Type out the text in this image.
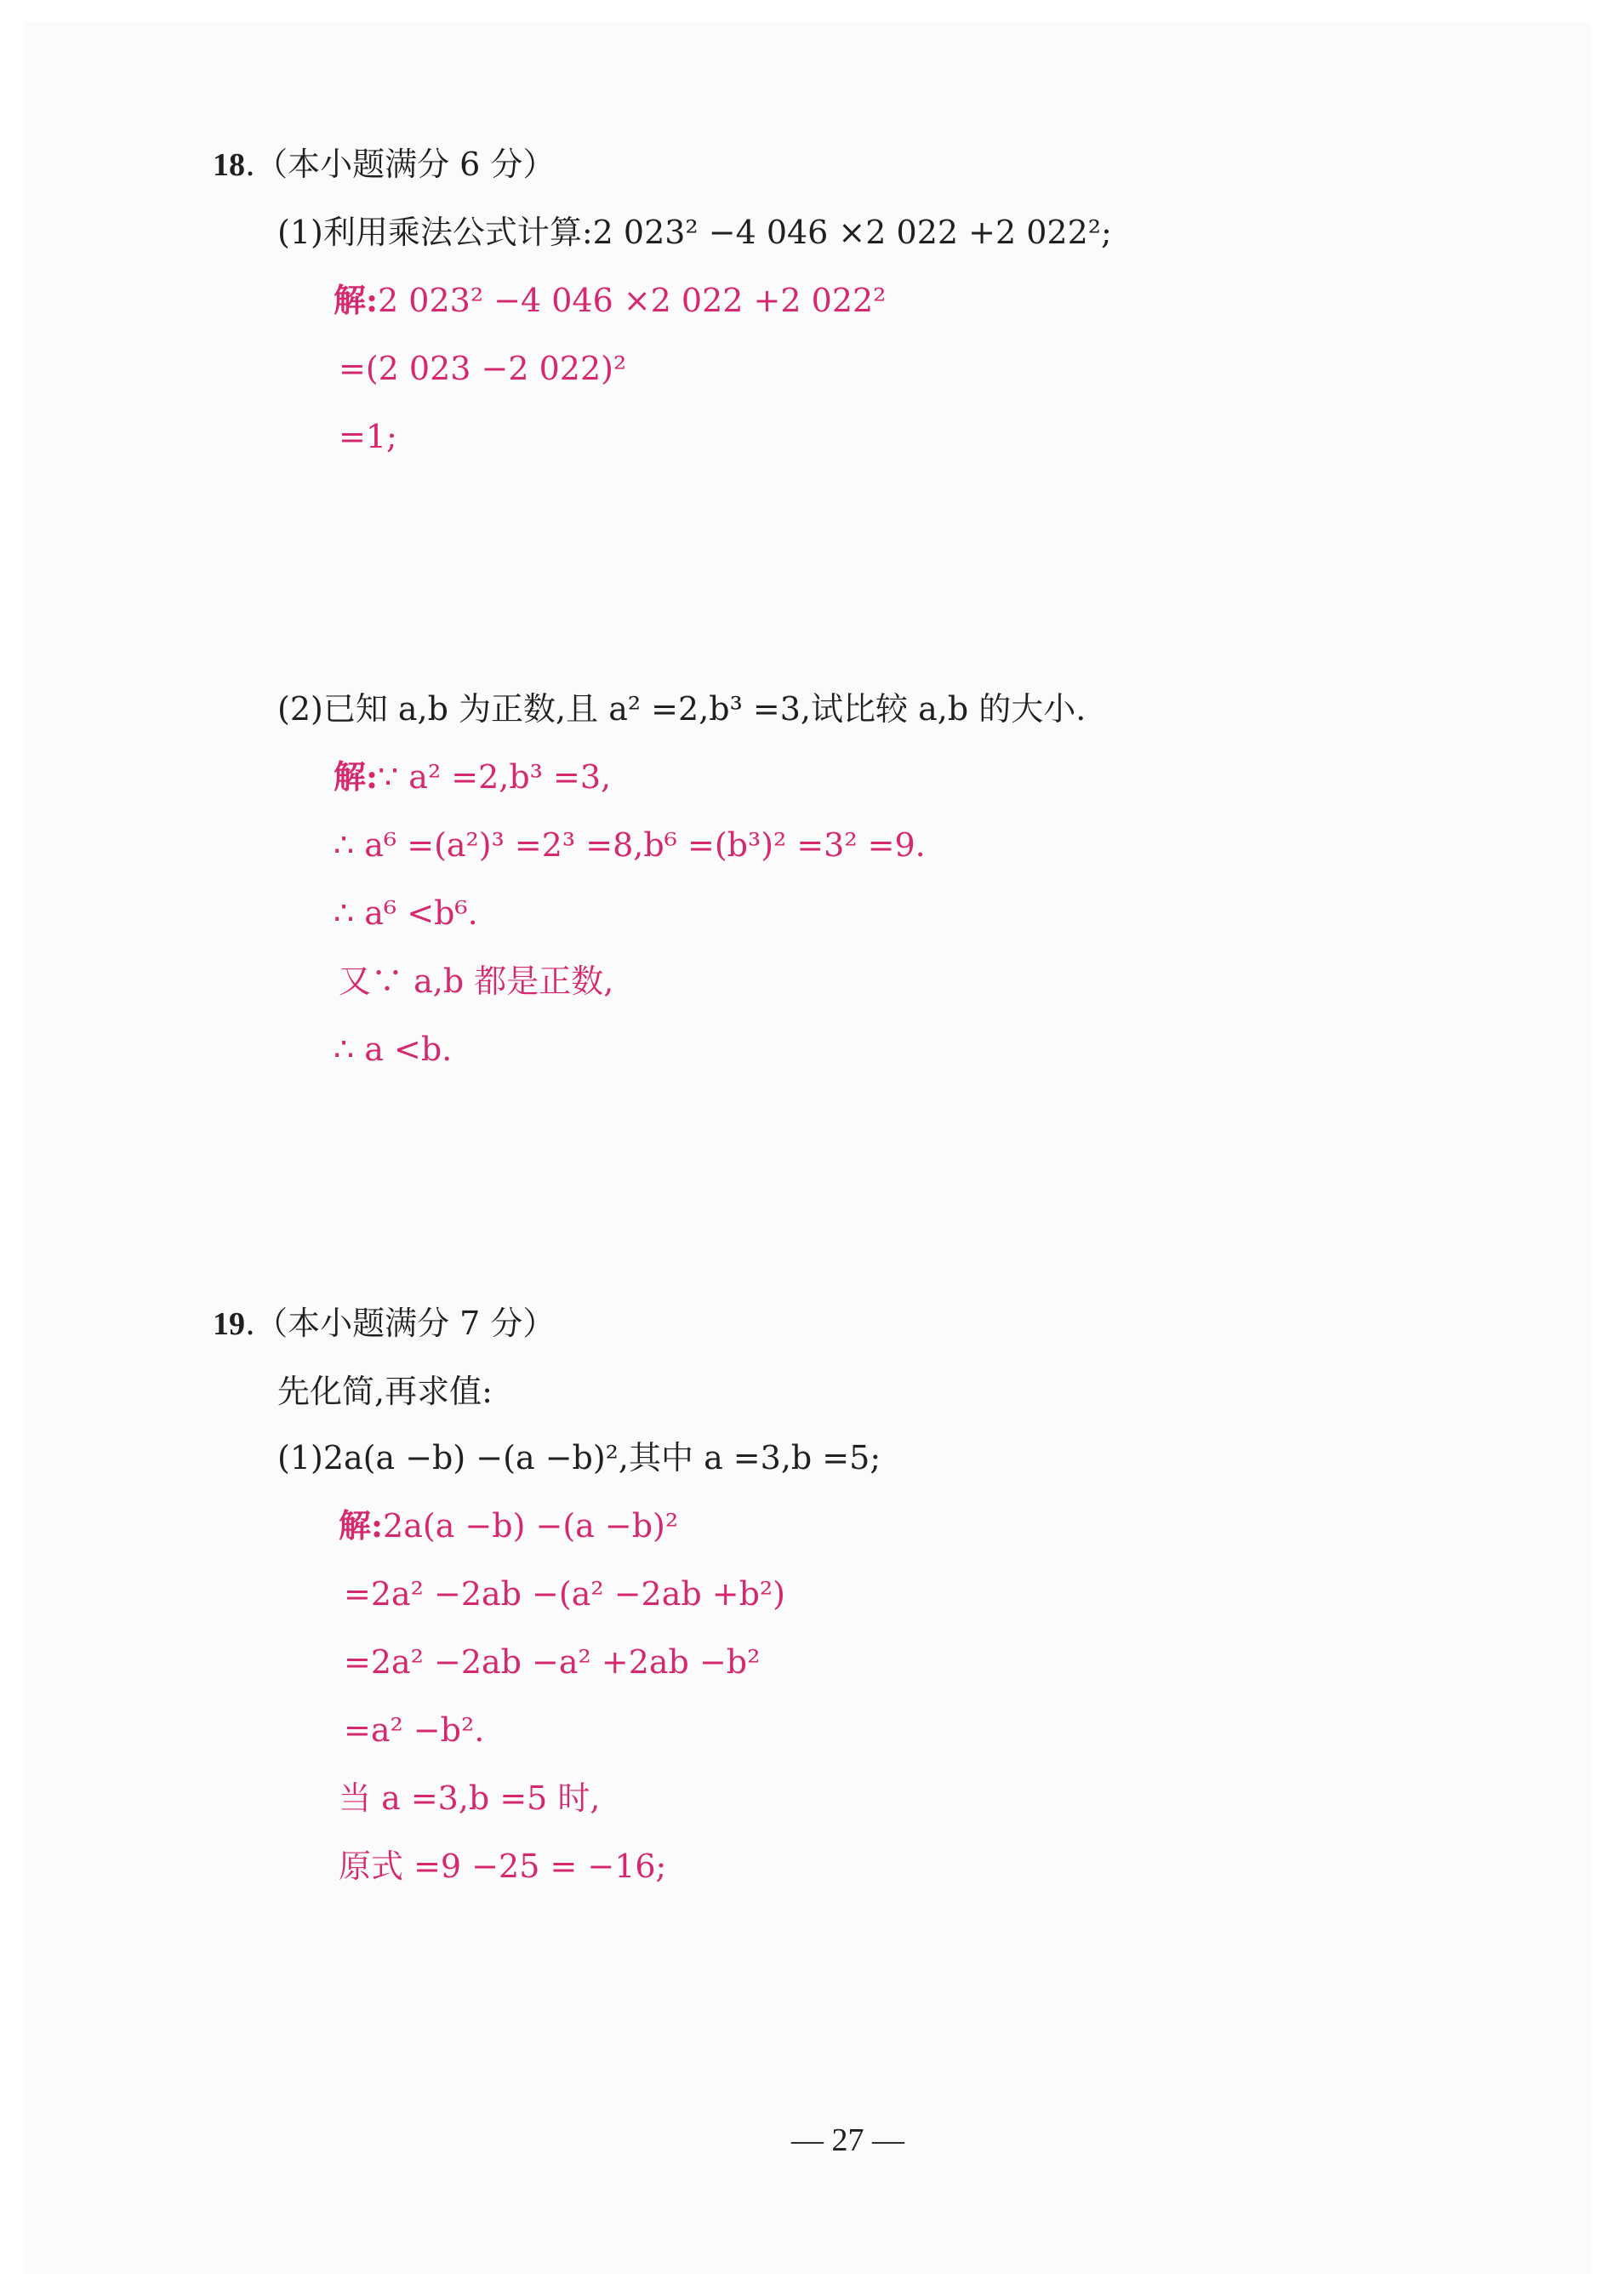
18.（本小题满分 6 分）
(1)利用乘法公式计算:2 023² −4 046 ×2 022 +2 022²;
解:2 023² −4 046 ×2 022 +2 022²
=(2 023 −2 022)²
=1;
(2)已知 a,b 为正数,且 a² =2,b³ =3,试比较 a,b 的大小.
解:∵ a² =2,b³ =3,
∴ a⁶ =(a²)³ =2³ =8,b⁶ =(b³)² =3² =9.
∴ a⁶ <b⁶.
又∵ a,b 都是正数,
∴ a <b.
19.（本小题满分 7 分）
先化简,再求值:
(1)2a(a −b) −(a −b)²,其中 a =3,b =5;
解:2a(a −b) −(a −b)²
=2a² −2ab −(a² −2ab +b²)
=2a² −2ab −a² +2ab −b²
=a² −b².
当 a =3,b =5 时,
原式 =9 −25 = −16;
— 27 —
